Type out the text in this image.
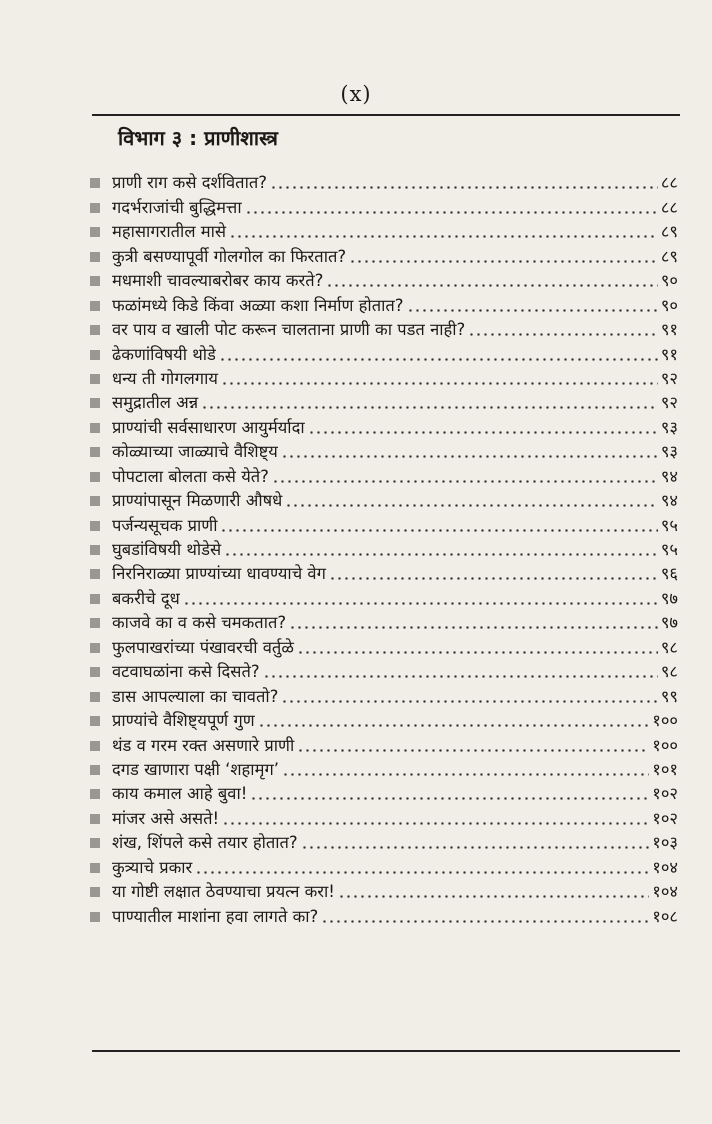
(x)
विभाग ३ : प्राणीशास्त्र
प्राणी राग कसे दर्शवितात?	८८
गदर्भराजांची बुद्धिमत्ता	८८
महासागरातील मासे	८९
कुत्री बसण्यापूर्वी गोलगोल का फिरतात?	८९
मधमाशी चावल्याबरोबर काय करते?	९०
फळांमध्ये किडे किंवा अळ्या कशा निर्माण होतात?	९०
वर पाय व खाली पोट करून चालताना प्राणी का पडत नाही?	९१
ढेकणांविषयी थोडे	९१
धन्य ती गोगलगाय	९२
समुद्रातील अन्न	९२
प्राण्यांची सर्वसाधारण आयुर्मर्यादा	९३
कोळ्याच्या जाळ्याचे वैशिष्ट्य	९३
पोपटाला बोलता कसे येते?	९४
प्राण्यांपासून मिळणारी औषधे	९४
पर्जन्यसूचक प्राणी	९५
घुबडांविषयी थोडेसे	९५
निरनिराळ्या प्राण्यांच्या धावण्याचे वेग	९६
बकरीचे दूध	९७
काजवे का व कसे चमकतात?	९७
फुलपाखरांच्या पंखावरची वर्तुळे	९८
वटवाघळांना कसे दिसते?	९८
डास आपल्याला का चावतो?	९९
प्राण्यांचे वैशिष्ट्यपूर्ण गुण	१००
थंड व गरम रक्त असणारे प्राणी	१००
दगड खाणारा पक्षी ‘शहामृग’	१०१
काय कमाल आहे बुवा!	१०२
मांजर असे असते!	१०२
शंख, शिंपले कसे तयार होतात?	१०३
कुत्र्याचे प्रकार	१०४
या गोष्टी लक्षात ठेवण्याचा प्रयत्न करा!	१०४
पाण्यातील माशांना हवा लागते का?	१०८
